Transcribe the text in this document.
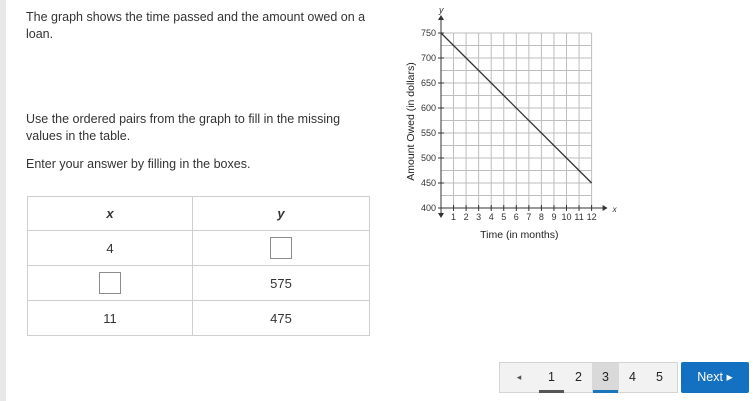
The graph shows the time passed and the amount owed on a loan.
Use the ordered pairs from the graph to fill in the missing values in the table.
Enter your answer by filling in the boxes.
x	y
4	
	575
11	475
x
y
1 2 3 4 5 6 7 8 9 10 11 12
400
450
500
550
600
650
700
750
Time (in months)
Amount Owed (in dollars)
◂	1	2	3	4	5	Next ▸
